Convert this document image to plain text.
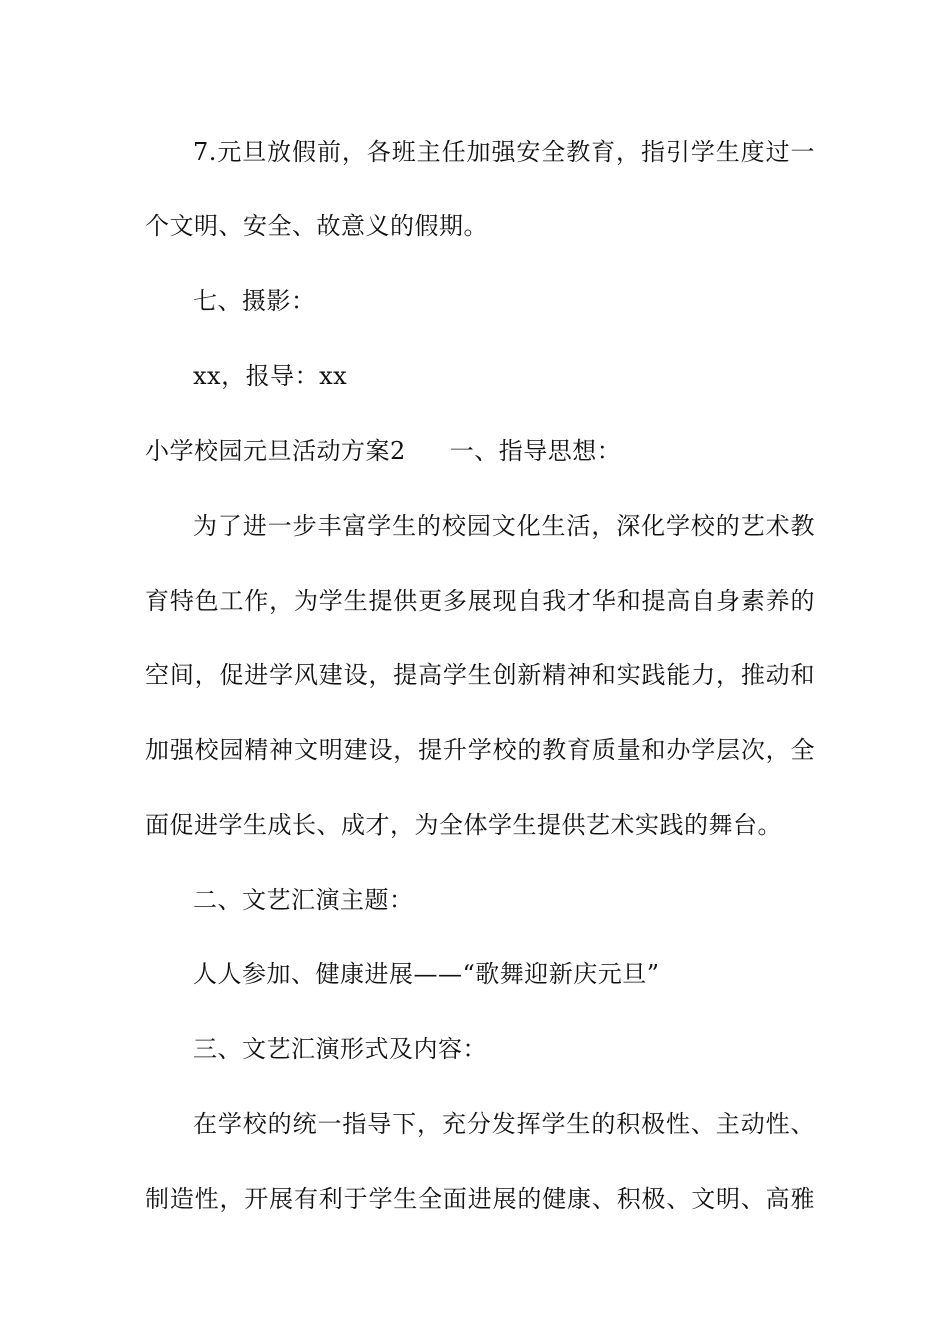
7.元旦放假前，各班主任加强安全教育，指引学生度过一
个文明、安全、故意义的假期。
七、摄影：
xx，报导：xx
小学校园元旦活动方案2 一、指导思想：
为了进一步丰富学生的校园文化生活，深化学校的艺术教
育特色工作，为学生提供更多展现自我才华和提高自身素养的
空间，促进学风建设，提高学生创新精神和实践能力，推动和
加强校园精神文明建设，提升学校的教育质量和办学层次，全
面促进学生成长、成才，为全体学生提供艺术实践的舞台。
二、文艺汇演主题：
人人参加、健康进展——“歌舞迎新庆元旦”
三、文艺汇演形式及内容：
在学校的统一指导下，充分发挥学生的积极性、主动性、
制造性，开展有利于学生全面进展的健康、积极、文明、高雅
